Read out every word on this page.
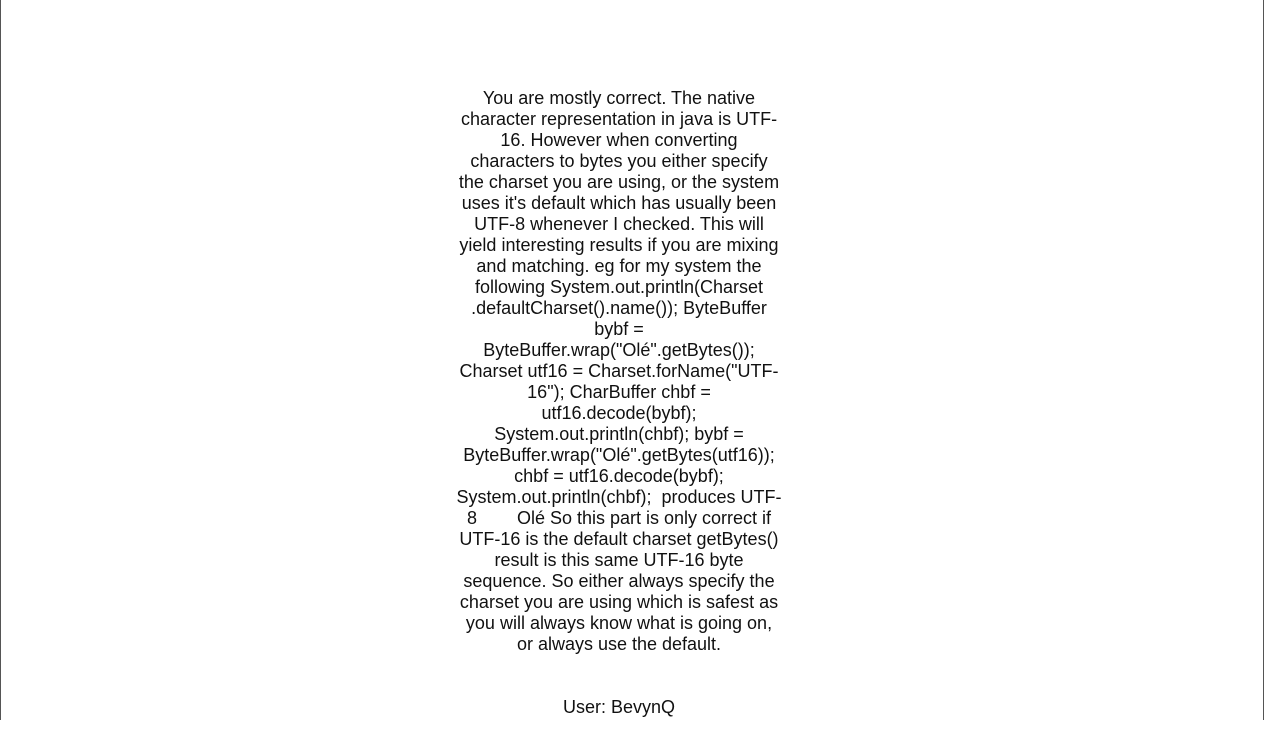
You are mostly correct. The native character representation in java is UTF-16. However when converting characters to bytes you either specify the charset you are using, or the system uses it's default which has usually been UTF-8 whenever I checked. This will yield interesting results if you are mixing and matching. eg for my system the following System.out.println(Charset .defaultCharset().name()); ByteBuffer bybf = ByteBuffer.wrap("Olé".getBytes()); Charset utf16 = Charset.forName("UTF-16"); CharBuffer chbf = utf16.decode(bybf); System.out.println(chbf); bybf = ByteBuffer.wrap("Olé".getBytes(utf16)); chbf = utf16.decode(bybf); System.out.println(chbf);  produces UTF-8        Olé So this part is only correct if UTF-16 is the default charset getBytes() result is this same UTF-16 byte sequence. So either always specify the charset you are using which is safest as you will always know what is going on, or always use the default.

User: BevynQ
